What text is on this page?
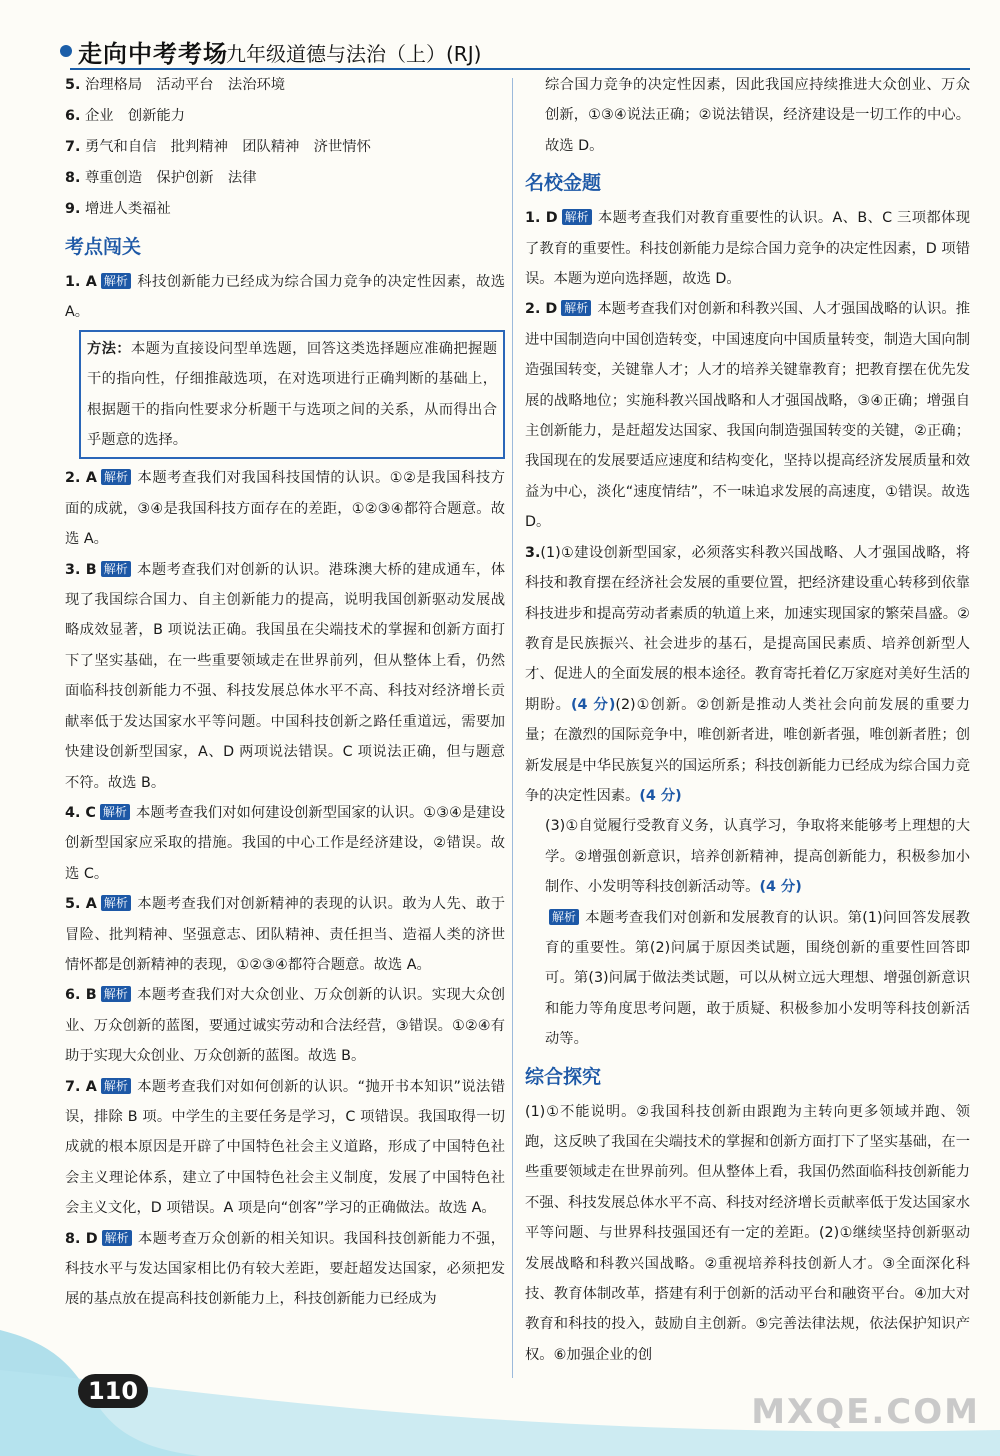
走向中考考场
九年级道德与法治（上）(RJ)

5. 治理格局　活动平台　法治环境

6. 企业　创新能力

7. 勇气和自信　批判精神　团队精神　济世情怀

8. 尊重创造　保护创新　法律

9. 增进人类福祉

考点闯关

1. A 解析 科技创新能力已经成为综合国力竞争的决定性因素，故选 A。

方法：本题为直接设问型单选题，回答这类选择题应准确把握题干的指向性，仔细推敲选项，在对选项进行正确判断的基础上，根据题干的指向性要求分析题干与选项之间的关系，从而得出合乎题意的选择。

2. A 解析 本题考查我们对我国科技国情的认识。①②是我国科技方面的成就，③④是我国科技方面存在的差距，①②③④都符合题意。故选 A。

3. B 解析 本题考查我们对创新的认识。港珠澳大桥的建成通车，体现了我国综合国力、自主创新能力的提高，说明我国创新驱动发展战略成效显著，B 项说法正确。我国虽在尖端技术的掌握和创新方面打下了坚实基础，在一些重要领域走在世界前列，但从整体上看，仍然面临科技创新能力不强、科技发展总体水平不高、科技对经济增长贡献率低于发达国家水平等问题。中国科技创新之路任重道远，需要加快建设创新型国家，A、D 两项说法错误。C 项说法正确，但与题意不符。故选 B。

4. C 解析 本题考查我们对如何建设创新型国家的认识。①③④是建设创新型国家应采取的措施。我国的中心工作是经济建设，②错误。故选 C。

5. A 解析 本题考查我们对创新精神的表现的认识。敢为人先、敢于冒险、批判精神、坚强意志、团队精神、责任担当、造福人类的济世情怀都是创新精神的表现，①②③④都符合题意。故选 A。

6. B 解析 本题考查我们对大众创业、万众创新的认识。实现大众创业、万众创新的蓝图，要通过诚实劳动和合法经营，③错误。①②④有助于实现大众创业、万众创新的蓝图。故选 B。

7. A 解析 本题考查我们对如何创新的认识。“抛开书本知识”说法错误，排除 B 项。中学生的主要任务是学习，C 项错误。我国取得一切成就的根本原因是开辟了中国特色社会主义道路，形成了中国特色社会主义理论体系，建立了中国特色社会主义制度，发展了中国特色社会主义文化，D 项错误。A 项是向“创客”学习的正确做法。故选 A。

8. D 解析 本题考查万众创新的相关知识。我国科技创新能力不强，科技水平与发达国家相比仍有较大差距，要赶超发达国家，必须把发展的基点放在提高科技创新能力上，科技创新能力已经成为

综合国力竞争的决定性因素，因此我国应持续推进大众创业、万众创新，①③④说法正确；②说法错误，经济建设是一切工作的中心。故选 D。

名校金题

1. D 解析 本题考查我们对教育重要性的认识。A、B、C 三项都体现了教育的重要性。科技创新能力是综合国力竞争的决定性因素，D 项错误。本题为逆向选择题，故选 D。

2. D 解析 本题考查我们对创新和科教兴国、人才强国战略的认识。推进中国制造向中国创造转变，中国速度向中国质量转变，制造大国向制造强国转变，关键靠人才；人才的培养关键靠教育；把教育摆在优先发展的战略地位；实施科教兴国战略和人才强国战略，③④正确；增强自主创新能力，是赶超发达国家、我国向制造强国转变的关键，②正确；我国现在的发展要适应速度和结构变化，坚持以提高经济发展质量和效益为中心，淡化“速度情结”，不一味追求发展的高速度，①错误。故选 D。

3.(1)①建设创新型国家，必须落实科教兴国战略、人才强国战略，将科技和教育摆在经济社会发展的重要位置，把经济建设重心转移到依靠科技进步和提高劳动者素质的轨道上来，加速实现国家的繁荣昌盛。②教育是民族振兴、社会进步的基石，是提高国民素质、培养创新型人才、促进人的全面发展的根本途径。教育寄托着亿万家庭对美好生活的期盼。(4 分)(2)①创新。②创新是推动人类社会向前发展的重要力量；在激烈的国际竞争中，唯创新者进，唯创新者强，唯创新者胜；创新发展是中华民族复兴的国运所系；科技创新能力已经成为综合国力竞争的决定性因素。(4 分)

(3)①自觉履行受教育义务，认真学习，争取将来能够考上理想的大学。②增强创新意识，培养创新精神，提高创新能力，积极参加小制作、小发明等科技创新活动等。(4 分)

解析 本题考查我们对创新和发展教育的认识。第(1)问回答发展教育的重要性。第(2)问属于原因类试题，围绕创新的重要性回答即可。第(3)问属于做法类试题，可以从树立远大理想、增强创新意识和能力等角度思考问题，敢于质疑、积极参加小发明等科技创新活动等。

综合探究

(1)①不能说明。②我国科技创新由跟跑为主转向更多领域并跑、领跑，这反映了我国在尖端技术的掌握和创新方面打下了坚实基础，在一些重要领域走在世界前列。但从整体上看，我国仍然面临科技创新能力不强、科技发展总体水平不高、科技对经济增长贡献率低于发达国家水平等问题、与世界科技强国还有一定的差距。(2)①继续坚持创新驱动发展战略和科教兴国战略。②重视培养科技创新人才。③全面深化科技、教育体制改革，搭建有利于创新的活动平台和融资平台。④加大对教育和科技的投入，鼓励自主创新。⑤完善法律法规，依法保护知识产权。⑥加强企业的创

110
MXQE.COM
